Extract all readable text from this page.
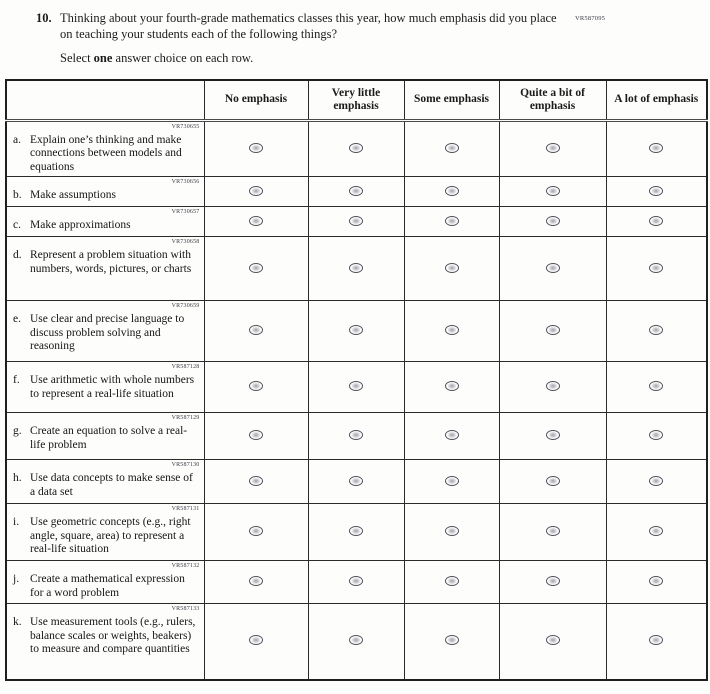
VR587095
10. Thinking about your fourth-grade mathematics classes this year, how much emphasis did you place on teaching your students each of the following things?
Select one answer choice on each row.
	No emphasis	Very little emphasis	Some emphasis	Quite a bit of emphasis	A lot of emphasis

VR730655
a. Explain one’s thinking and make connections between models and equations					

VR730656
b. Make assumptions					

VR730657
c. Make approximations					

VR730658
d. Represent a problem situation with numbers, words, pictures, or charts					

VR730659
e. Use clear and precise language to discuss problem solving and reasoning					

VR587128
f. Use arithmetic with whole numbers to represent a real-life situation					

VR587129
g. Create an equation to solve a real-life problem					

VR587130
h. Use data concepts to make sense of a data set					

VR587131
i. Use geometric concepts (e.g., right angle, square, area) to represent a real-life situation					

VR587132
j. Create a mathematical expression for a word problem					

VR587133
k. Use measurement tools (e.g., rulers, balance scales or weights, beakers) to measure and compare quantities					
